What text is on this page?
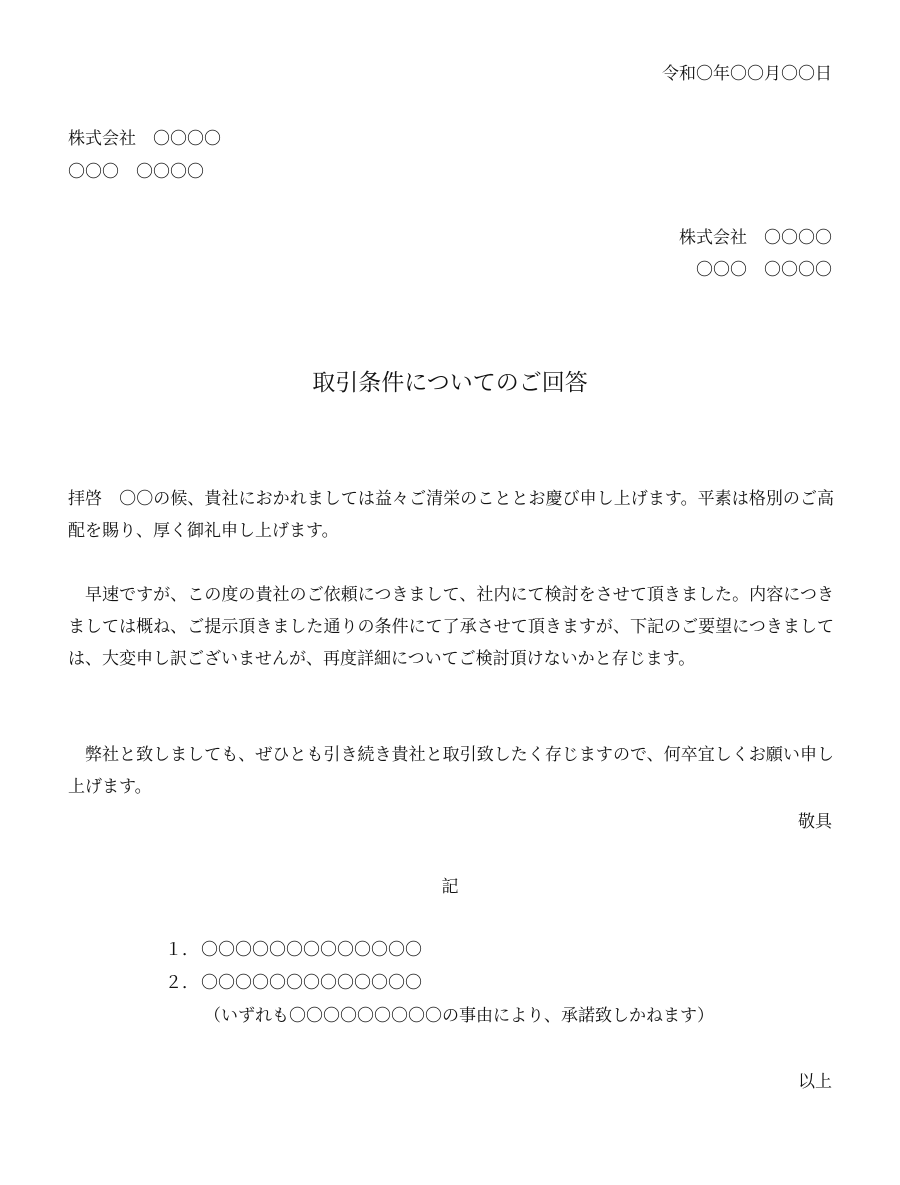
令和〇年〇〇月〇〇日

株式会社　〇〇〇〇

〇〇〇　〇〇〇〇

株式会社　〇〇〇〇

〇〇〇　〇〇〇〇

取引条件についてのご回答

拝啓　〇〇の候、貴社におかれましては益々ご清栄のこととお慶び申し上げます。平素は格別のご高配を賜り、厚く御礼申し上げます。

早速ですが、この度の貴社のご依頼につきまして、社内にて検討をさせて頂きました。内容につきましては概ね、ご提示頂きました通りの条件にて了承させて頂きますが、下記のご要望につきましては、大変申し訳ございませんが、再度詳細についてご検討頂けないかと存じます。

弊社と致しましても、ぜひとも引き続き貴社と取引致したく存じますので、何卒宜しくお願い申し上げます。

敬具

記

１． 〇〇〇〇〇〇〇〇〇〇〇〇〇
２． 〇〇〇〇〇〇〇〇〇〇〇〇〇

（いずれも〇〇〇〇〇〇〇〇〇の事由により、承諾致しかねます）

以上
